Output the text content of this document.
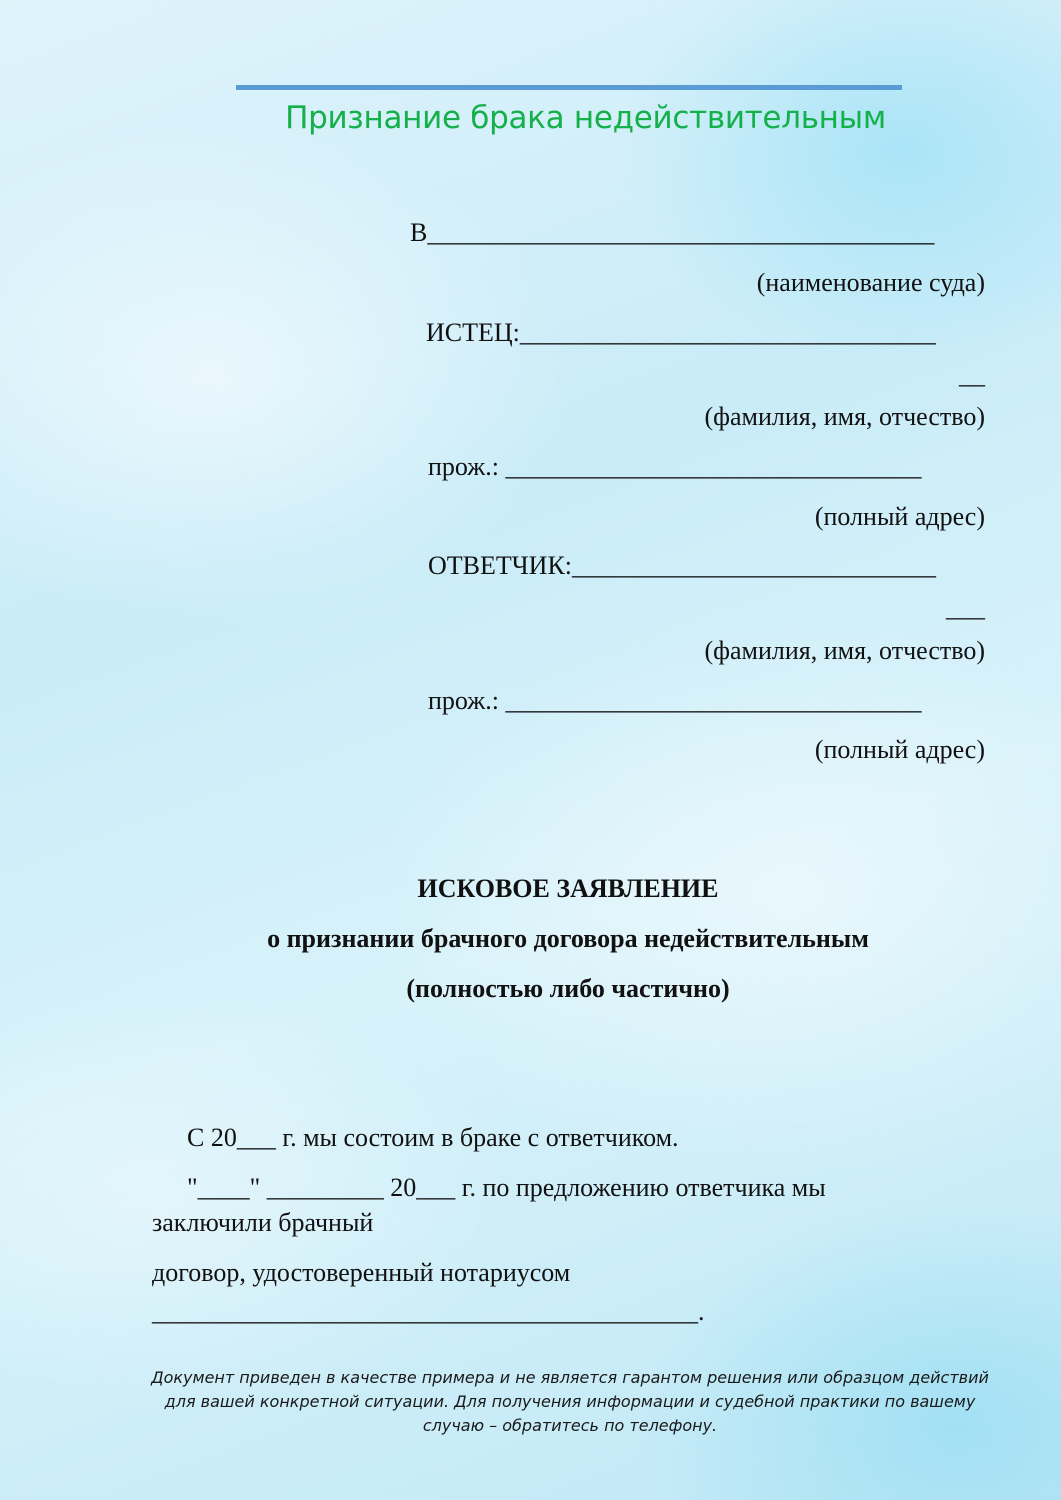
Признание брака недействительным
В_______________________________________
(наименование суда)
ИСТЕЦ:________________________________
__
(фамилия, имя, отчество)
прож.: ________________________________
(полный адрес)
ОТВЕТЧИК:____________________________
___
(фамилия, имя, отчество)
прож.: ________________________________
(полный адрес)
ИСКОВОЕ ЗАЯВЛЕНИЕ
о признании брачного договора недействительным
(полностью либо частично)
С 20___ г. мы состоим в браке с ответчиком.
"____" _________ 20___ г. по предложению ответчика мы
заключили брачный
договор, удостоверенный нотариусом
__________________________________________.
Документ приведен в качестве примера и не является гарантом решения или образцом действий для вашей конкретной ситуации. Для получения информации и судебной практики по вашему случаю – обратитесь по телефону.
